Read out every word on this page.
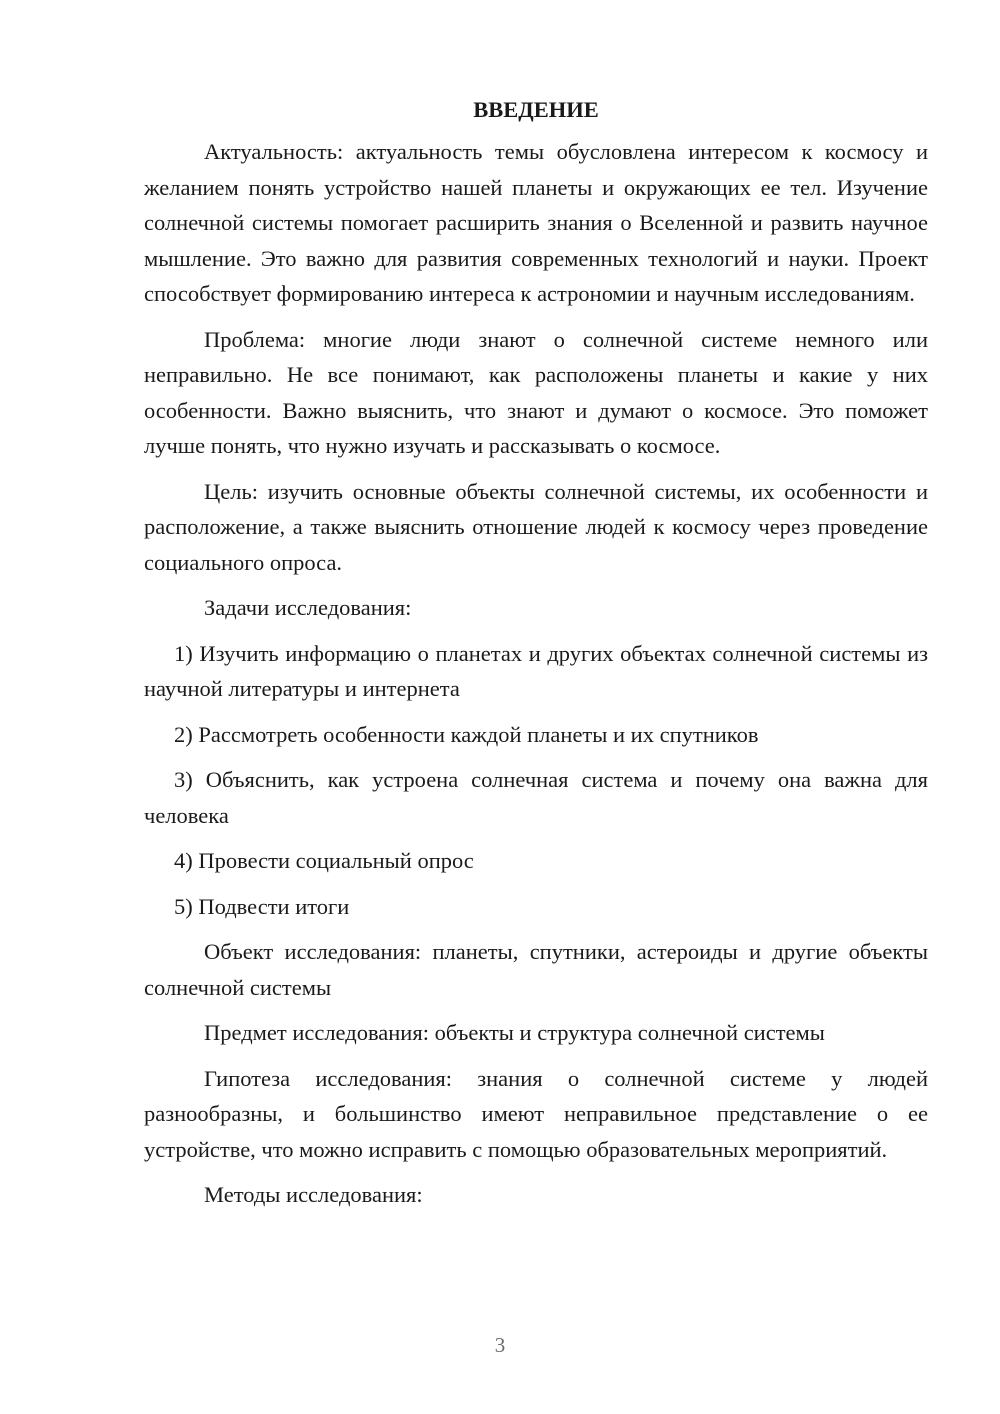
ВВЕДЕНИЕ

Актуальность: актуальность темы обусловлена интересом к космосу и желанием понять устройство нашей планеты и окружающих ее тел. Изучение солнечной системы помогает расширить знания о Вселенной и развить научное мышление. Это важно для развития современных технологий и науки. Проект способствует формированию интереса к астрономии и научным исследованиям.

Проблема: многие люди знают о солнечной системе немного или неправильно. Не все понимают, как расположены планеты и какие у них особенности. Важно выяснить, что знают и думают о космосе. Это поможет лучше понять, что нужно изучать и рассказывать о космосе.

Цель: изучить основные объекты солнечной системы, их особенности и расположение, а также выяснить отношение людей к космосу через проведение социального опроса.

Задачи исследования:

1) Изучить информацию о планетах и других объектах солнечной системы из научной литературы и интернета

2) Рассмотреть особенности каждой планеты и их спутников

3) Объяснить, как устроена солнечная система и почему она важна для человека

4) Провести социальный опрос

5) Подвести итоги

Объект исследования: планеты, спутники, астероиды и другие объекты солнечной системы

Предмет исследования: объекты и структура солнечной системы

Гипотеза исследования: знания о солнечной системе у людей разнообразны, и большинство имеют неправильное представление о ее устройстве, что можно исправить с помощью образовательных мероприятий.

Методы исследования:

3
